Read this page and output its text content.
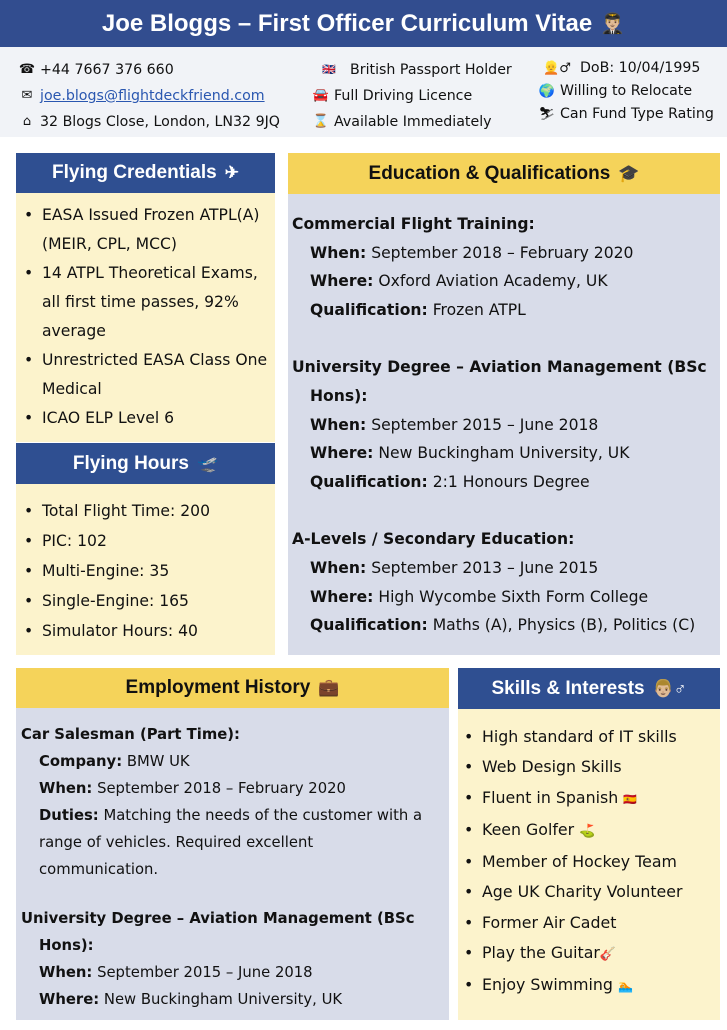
Joe Bloggs – First Officer Curriculum Vitae 👨🏼‍✈️
☎ +44 7667 376 660
✉ joe.blogs@flightdeckfriend.com
⌂ 32 Blogs Close, London, LN32 9JQ
🇬🇧 British Passport Holder
🚘 Full Driving Licence
⌛ Available Immediately
👱♂ DoB: 10/04/1995
🌍 Willing to Relocate
⛷ Can Fund Type Rating
Flying Credentials ✈
• EASA Issued Frozen ATPL(A) (MEIR, CPL, MCC)
• 14 ATPL Theoretical Exams, all first time passes, 92% average
• Unrestricted EASA Class One Medical
• ICAO ELP Level 6
Flying Hours 🛫
• Total Flight Time: 200
• PIC: 102
• Multi-Engine: 35
• Single-Engine: 165
• Simulator Hours: 40
Education & Qualifications 🎓
Commercial Flight Training:
When: September 2018 – February 2020
Where: Oxford Aviation Academy, UK
Qualification: Frozen ATPL
University Degree – Aviation Management (BSc
Hons):
When: September 2015 – June 2018
Where: New Buckingham University, UK
Qualification: 2:1 Honours Degree
A-Levels / Secondary Education:
When: September 2013 – June 2015
Where: High Wycombe Sixth Form College
Qualification: Maths (A), Physics (B), Politics (C)
Employment History 💼
Car Salesman (Part Time):
Company: BMW UK
When: September 2018 – February 2020
Duties: Matching the needs of the customer with a
range of vehicles. Required excellent
communication.
University Degree – Aviation Management (BSc
Hons):
When: September 2015 – June 2018
Where: New Buckingham University, UK
Skills & Interests 👨🏼♂
• High standard of IT skills
• Web Design Skills
• Fluent in Spanish 🇪🇸
• Keen Golfer ⛳
• Member of Hockey Team
• Age UK Charity Volunteer
• Former Air Cadet
• Play the Guitar🎸
• Enjoy Swimming 🏊
